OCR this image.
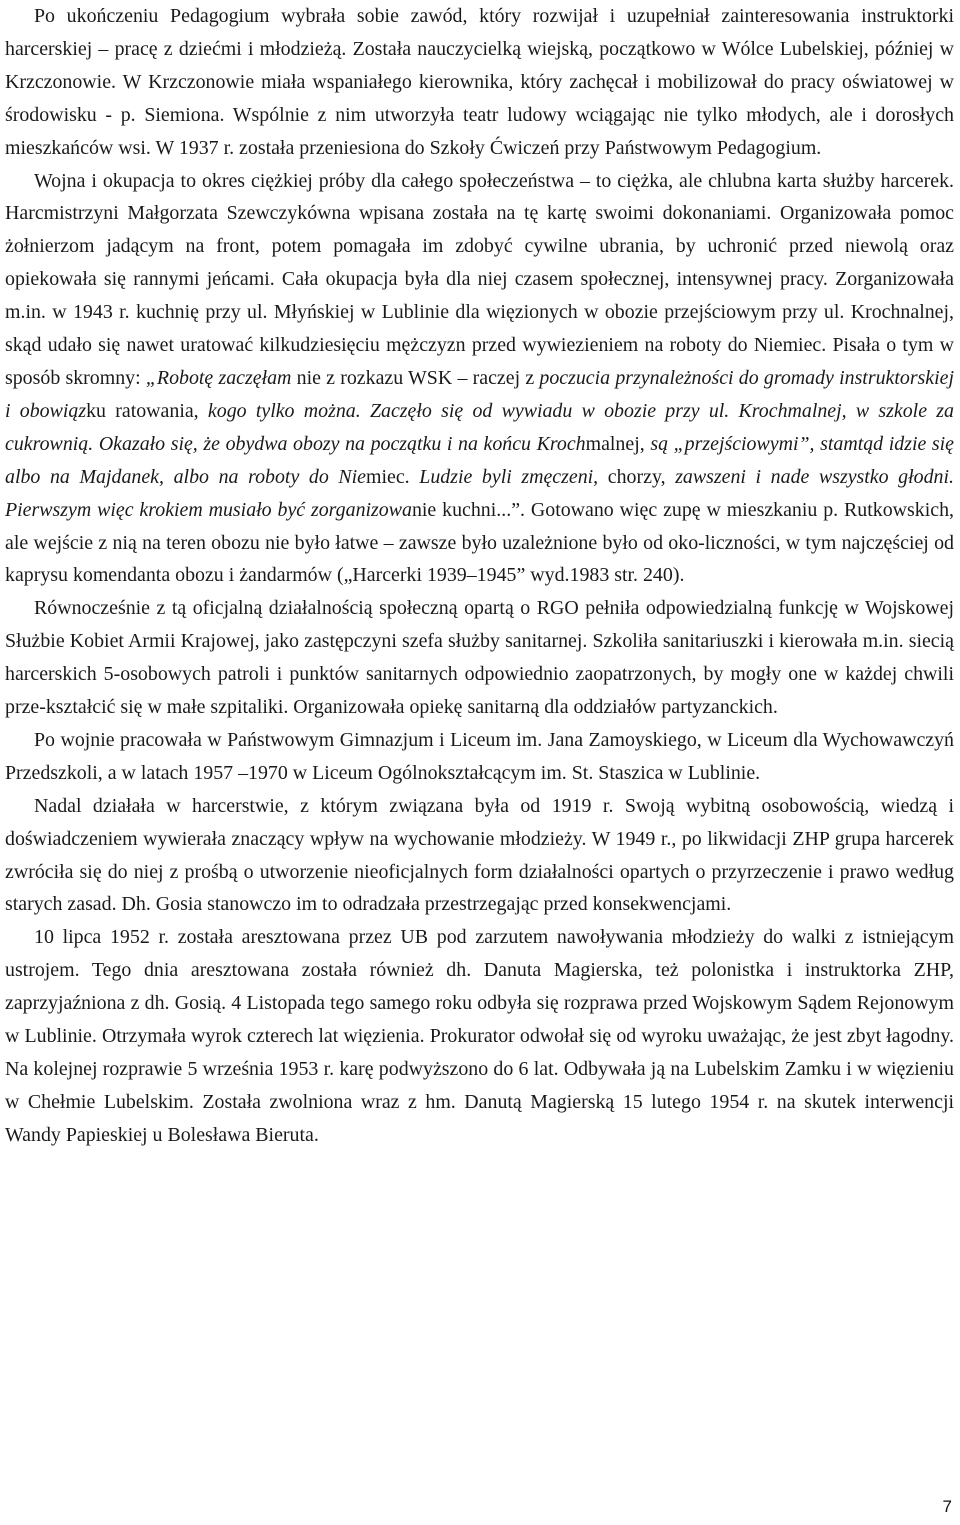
Po ukończeniu Pedagogium wybrała sobie zawód, który rozwijał i uzupełniał zainteresowania instruktorki harcerskiej – pracę z dziećmi i młodzieżą. Została nauczycielką wiejską, początkowo w Wólce Lubelskiej, później w Krzczonowie. W Krzczonowie miała wspaniałego kierownika, który zachęcał i mobilizował do pracy oświatowej w środowisku - p. Siemiona. Wspólnie z nim utworzyła teatr ludowy wciągając nie tylko młodych, ale i dorosłych mieszkańców wsi. W 1937 r. została przeniesiona do Szkoły Ćwiczeń przy Państwowym Pedagogium.

Wojna i okupacja to okres ciężkiej próby dla całego społeczeństwa – to ciężka, ale chlubna karta służby harcerek. Harcmistrzyni Małgorzata Szewczykówna wpisana została na tę kartę swoimi dokonaniami. Organizowała pomoc żołnierzom jadącym na front, potem pomagała im zdobyć cywilne ubrania, by uchronić przed niewolą oraz opiekowała się rannymi jeńcami. Cała okupacja była dla niej czasem społecznej, intensywnej pracy. Zorganizowała m.in. w 1943 r. kuchnię przy ul. Młyńskiej w Lublinie dla więzionych w obozie przejściowym przy ul. Krochnalnej, skąd udało się nawet uratować kilkudziesięciu mężczyzn przed wywiezieniem na roboty do Niemiec. Pisała o tym w sposób skromny: „Robotę zaczęłam nie z rozkazu WSK – raczej z poczucia przynależności do gromady instruktorskiej i obowiązku ratowania, kogo tylko można. Zaczęło się od wywiadu w obozie przy ul. Krochmalnej, w szkole za cukrownią. Okazało się, że obydwa obozy na początku i na końcu Krochmalnej, są „przejściowymi”, stamtąd idzie się albo na Majdanek, albo na roboty do Niemiec. Ludzie byli zmęczeni, chorzy, zawszeni i nade wszystko głodni. Pierwszym więc krokiem musiało być zorganizowanie kuchni...”. Gotowano więc zupę w mieszkaniu p. Rutkowskich, ale wejście z nią na teren obozu nie było łatwe – zawsze było uzależnione było od oko-liczności, w tym najczęściej od kaprysu komendanta obozu i żandarmów („Harcerki 1939–1945” wyd.1983 str. 240).

Równocześnie z tą oficjalną działalnością społeczną opartą o RGO pełniła odpowiedzialną funkcję w Wojskowej Służbie Kobiet Armii Krajowej, jako zastępczyni szefa służby sanitarnej. Szkoliła sanitariuszki i kierowała m.in. siecią harcerskich 5-osobowych patroli i punktów sanitarnych odpowiednio zaopatrzonych, by mogły one w każdej chwili prze-kształcić się w małe szpitaliki. Organizowała opiekę sanitarną dla oddziałów partyzanckich.

Po wojnie pracowała w Państwowym Gimnazjum i Liceum im. Jana Zamoyskiego, w Liceum dla Wychowawczyń Przedszkoli, a w latach 1957 –1970 w Liceum Ogólnokształcącym im. St. Staszica w Lublinie.

Nadal działała w harcerstwie, z którym związana była od 1919 r. Swoją wybitną osobowością, wiedzą i doświadczeniem wywierała znaczący wpływ na wychowanie młodzieży. W 1949 r., po likwidacji ZHP grupa harcerek zwróciła się do niej z prośbą o utworzenie nieoficjalnych form działalności opartych o przyrzeczenie i prawo według starych zasad. Dh. Gosia stanowczo im to odradzała przestrzegając przed konsekwencjami.

10 lipca 1952 r. została aresztowana przez UB pod zarzutem nawoływania młodzieży do walki z istniejącym ustrojem. Tego dnia aresztowana została również dh. Danuta Magierska, też polonistka i instruktorka ZHP, zaprzyjaźniona z dh. Gosią. 4 Listopada tego samego roku odbyła się rozprawa przed Wojskowym Sądem Rejonowym w Lublinie. Otrzymała wyrok czterech lat więzienia. Prokurator odwołał się od wyroku uważając, że jest zbyt łagodny. Na kolejnej rozprawie 5 września 1953 r. karę podwyższono do 6 lat. Odbywała ją na Lubelskim Zamku i w więzieniu w Chełmie Lubelskim. Została zwolniona wraz z hm. Danutą Magierską 15 lutego 1954 r. na skutek interwencji Wandy Papieskiej u Bolesława Bieruta.

7
